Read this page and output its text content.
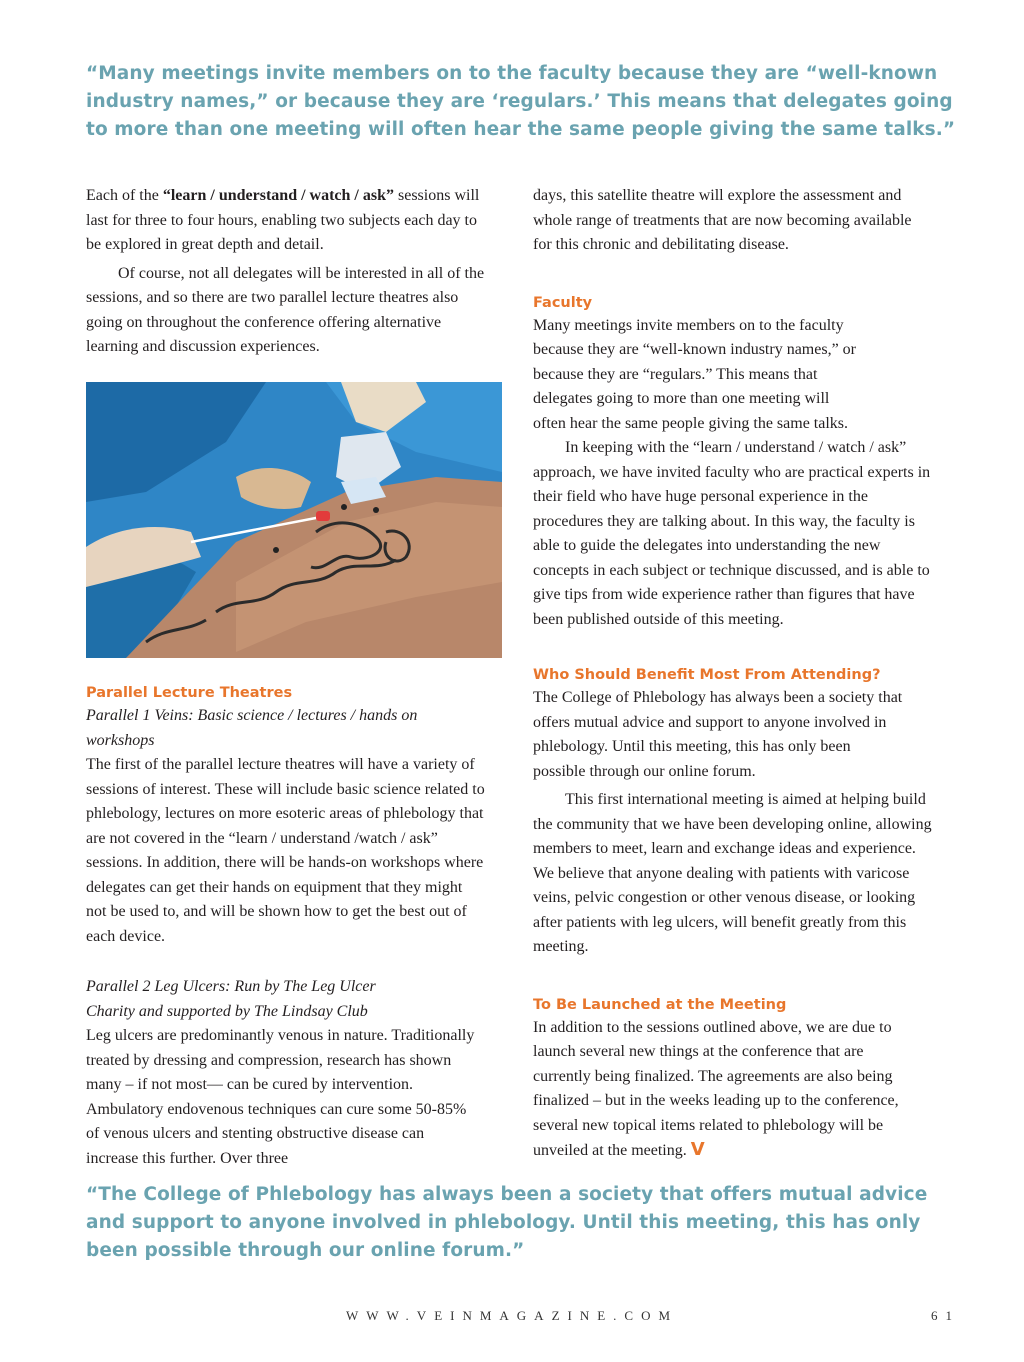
“Many meetings invite members on to the faculty because they are “well-known industry names,” or because they are ‘regulars.’ This means that delegates going to more than one meeting will often hear the same people giving the same talks.”

Each of the “learn / understand / watch / ask” sessions will last for three to four hours, enabling two subjects each day to be explored in great depth and detail.

Of course, not all delegates will be interested in all of the sessions, and so there are two parallel lecture theatres also going on throughout the conference offering alternative learning and discussion experiences.

Parallel Lecture Theatres

Parallel 1 Veins: Basic science / lectures / hands on workshops

The first of the parallel lecture theatres will have a variety of sessions of interest. These will include basic science related to phlebology, lectures on more esoteric areas of phlebology that are not covered in the “learn / understand /watch / ask” sessions. In addition, there will be hands-on workshops where delegates can get their hands on equipment that they might not be used to, and will be shown how to get the best out of each device.

Parallel 2 Leg Ulcers: Run by The Leg Ulcer Charity and supported by The Lindsay Club

Leg ulcers are predominantly venous in nature. Traditionally treated by dressing and compression, research has shown many – if not most— can be cured by intervention. Ambulatory endovenous techniques can cure some 50-85% of venous ulcers and stenting obstructive disease can increase this further. Over three

days, this satellite theatre will explore the assessment and whole range of treatments that are now becoming available for this chronic and debilitating disease.

Faculty

Many meetings invite members on to the faculty because they are “well-known industry names,” or because they are “regulars.” This means that delegates going to more than one meeting will often hear the same people giving the same talks.

In keeping with the “learn / understand / watch / ask” approach, we have invited faculty who are practical experts in their field who have huge personal experience in the procedures they are talking about. In this way, the faculty is able to guide the delegates into understanding the new concepts in each subject or technique discussed, and is able to give tips from wide experience rather than figures that have been published outside of this meeting.

Who Should Benefit Most From Attending?

The College of Phlebology has always been a society that offers mutual advice and support to anyone involved in phlebology. Until this meeting, this has only been possible through our online forum.

This first international meeting is aimed at helping build the community that we have been developing online, allowing members to meet, learn and exchange ideas and experience. We believe that anyone dealing with patients with varicose veins, pelvic congestion or other venous disease, or looking after patients with leg ulcers, will benefit greatly from this meeting.

To Be Launched at the Meeting

In addition to the sessions outlined above, we are due to launch several new things at the conference that are currently being finalized. The agreements are also being finalized – but in the weeks leading up to the conference, several new topical items related to phlebology will be unveiled at the meeting. V

“The College of Phlebology has always been a society that offers mutual advice and support to anyone involved in phlebology. Until this meeting, this has only been possible through our online forum.”
WWW.VEINMAGAZINE.COM	61
